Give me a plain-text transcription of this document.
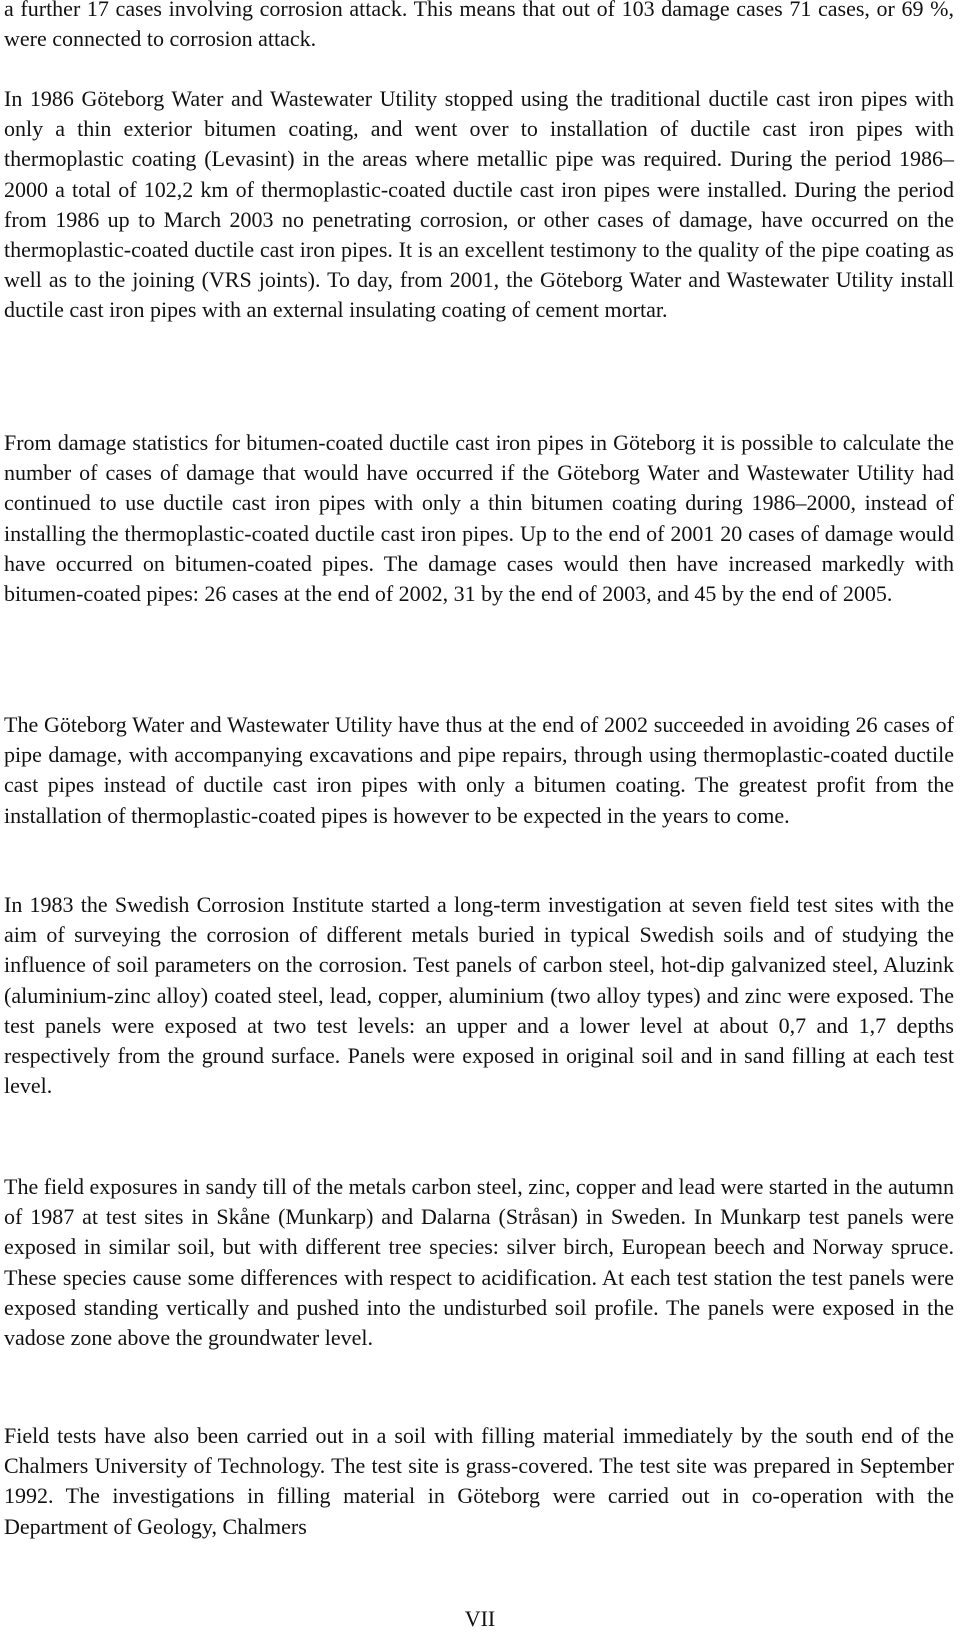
a further 17 cases involving corrosion attack. This means that out of 103 damage cases 71 cases, or 69 %, were connected to corrosion attack.

In 1986 Göteborg Water and Wastewater Utility stopped using the traditional ductile cast iron pipes with only a thin exterior bitumen coating, and went over to installation of ductile cast iron pipes with thermoplastic coating (Levasint) in the areas where metallic pipe was required. During the period 1986–2000 a total of 102,2 km of thermoplastic-coated ductile cast iron pipes were installed. During the period from 1986 up to March 2003 no penetrating corrosion, or other cases of damage, have occurred on the thermoplastic-coated ductile cast iron pipes. It is an excellent testimony to the quality of the pipe coating as well as to the joining (VRS joints). To day, from 2001, the Göteborg Water and Wastewater Utility install ductile cast iron pipes with an external insulating coating of cement mortar.

From damage statistics for bitumen-coated ductile cast iron pipes in Göteborg it is possible to calculate the number of cases of damage that would have occurred if the Göteborg Water and Wastewater Utility had continued to use ductile cast iron pipes with only a thin bitumen coating during 1986–2000, instead of installing the thermoplastic-coated ductile cast iron pipes. Up to the end of 2001 20 cases of damage would have occurred on bitumen-coated pipes. The damage cases would then have increased markedly with bitumen-coated pipes: 26 cases at the end of 2002, 31 by the end of 2003, and 45 by the end of 2005.

The Göteborg Water and Wastewater Utility have thus at the end of 2002 succeeded in avoiding 26 cases of pipe damage, with accompanying excavations and pipe repairs, through using thermoplastic-coated ductile cast pipes instead of ductile cast iron pipes with only a bitumen coating. The greatest profit from the installation of thermoplastic-coated pipes is however to be expected in the years to come.

In 1983 the Swedish Corrosion Institute started a long-term investigation at seven field test sites with the aim of surveying the corrosion of different metals buried in typical Swedish soils and of studying the influence of soil parameters on the corrosion. Test panels of carbon steel, hot-dip galvanized steel, Aluzink (aluminium-zinc alloy) coated steel, lead, copper, aluminium (two alloy types) and zinc were exposed. The test panels were exposed at two test levels: an upper and a lower level at about 0,7 and 1,7 depths respectively from the ground surface. Panels were exposed in original soil and in sand filling at each test level.

The field exposures in sandy till of the metals carbon steel, zinc, copper and lead were started in the autumn of 1987 at test sites in Skåne (Munkarp) and Dalarna (Stråsan) in Sweden. In Munkarp test panels were exposed in similar soil, but with different tree species: silver birch, European beech and Norway spruce. These species cause some differences with respect to acidification. At each test station the test panels were exposed standing vertically and pushed into the undisturbed soil profile. The panels were exposed in the vadose zone above the groundwater level.

Field tests have also been carried out in a soil with filling material immediately by the south end of the Chalmers University of Technology. The test site is grass-covered. The test site was prepared in September 1992. The investigations in filling material in Göteborg were carried out in co-operation with the Department of Geology, Chalmers

VII
